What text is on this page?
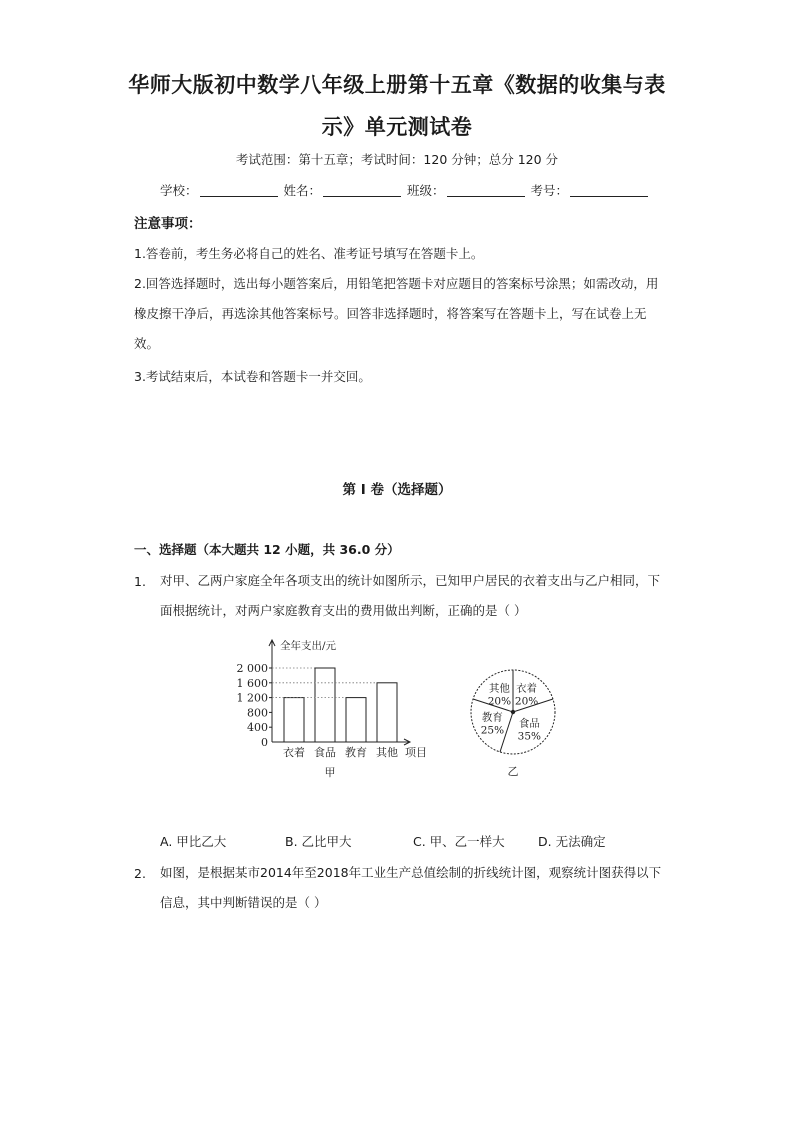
华师大版初中数学八年级上册第十五章《数据的收集与表
示》单元测试卷
考试范围：第十五章；考试时间：120 分钟；总分 120 分
学校：	姓名：	班级：	考号：
注意事项：
1.答卷前，考生务必将自己的姓名、准考证号填写在答题卡上。
2.回答选择题时，选出每小题答案后，用铅笔把答题卡对应题目的答案标号涂黑；如需改动，用橡皮擦干净后，再选涂其他答案标号。回答非选择题时，将答案写在答题卡上，写在试卷上无效。
3.考试结束后，本试卷和答题卡一并交回。
第 I 卷（选择题）
一、选择题（本大题共 12 小题，共 36.0 分）
1. 对甲、乙两户家庭全年各项支出的统计如图所示，已知甲户居民的衣着支出与乙户相同，下面根据统计，对两户家庭教育支出的费用做出判断，正确的是（ ）
全年支出/元
0
400
800
1 200
1 600
2 000
衣着 食品 教育 其他 项目
甲
衣着
20%
食品
35%
教育
25%
其他
20%
乙
A. 甲比乙大	B. 乙比甲大	C. 甲、乙一样大	D. 无法确定
2. 如图，是根据某市2014年至2018年工业生产总值绘制的折线统计图，观察统计图获得以下信息，其中判断错误的是（ ）
